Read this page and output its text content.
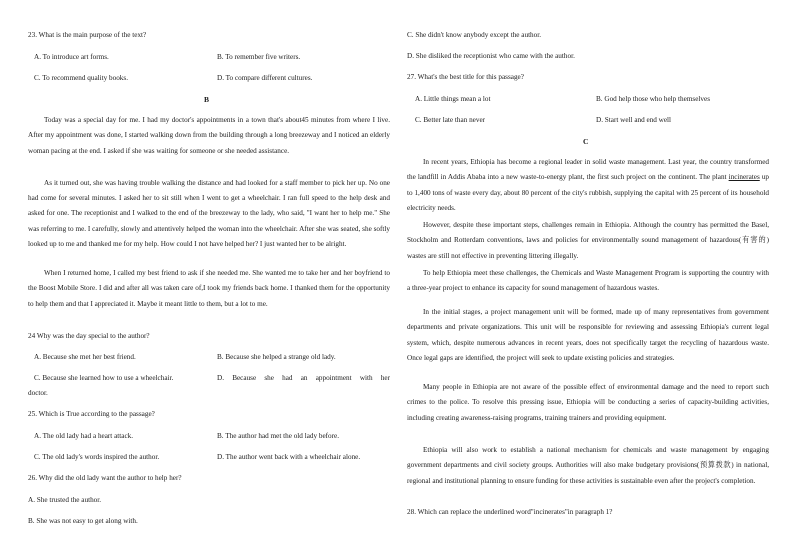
23. What is the main purpose of the text?
A. To introduce art forms.	B. To remember five writers.
C. To recommend quality books.	D. To compare different cultures.
B

Today was a special day for me. I had my doctor's appointments in a town that's about45 minutes from where I live. After my appointment was done, I started walking down from the building through a long breezeway and I noticed an elderly woman pacing at the end. I asked if she was waiting for someone or she needed assistance.

As it turned out, she was having trouble walking the distance and had looked for a staff member to pick her up. No one had come for several minutes. I asked her to sit still when I went to get a wheelchair. I ran full speed to the help desk and asked for one. The receptionist and I walked to the end of the breezeway to the lady, who said, "I want her to help me." She was referring to me. I carefully, slowly and attentively helped the woman into the wheelchair. After she was seated, she softly looked up to me and thanked me for my help. How could I not have helped her? I just wanted her to be alright.

When I returned home, I called my best friend to ask if she needed me. She wanted me to take her and her boyfriend to the Boost Mobile Store. I did and after all was taken care of,I took my friends back home. I thanked them for the opportunity to help them and that I appreciated it. Maybe it meant little to them, but a lot to me.

24 Why was the day special to the author?
A. Because she met her best friend.	B. Because she helped a strange old lady.
C. Because she learned how to use a wheelchair.	D. Because she had an appointment with her
doctor.
25. Which is True according to the passage?
A. The old lady had a heart attack.	B. The author had met the old lady before.
C. The old lady's words inspired the author.	D. The author went back with a wheelchair alone.
26. Why did the old lady want the author to help her?
A. She trusted the author.
B. She was not easy to get along with.
C. She didn't know anybody except the author.
D. She disliked the receptionist who came with the author.
27. What's the best title for this passage?
A. Little things mean a lot	B. God help those who help themselves
C. Better late than never	D. Start well and end well
C

In recent years, Ethiopia has become a regional leader in solid waste management. Last year, the country transformed the landfill in Addis Ababa into a new waste-to-energy plant, the first such project on the continent. The plant incinerates up to 1,400 tons of waste every day, about 80 percent of the city's rubbish, supplying the capital with 25 percent of its household electricity needs.

However, despite these important steps, challenges remain in Ethiopia. Although the country has permitted the Basel, Stockholm and Rotterdam conventions, laws and policies for environmentally sound management of hazardous(有害的) wastes are still not effective in preventing littering illegally.

To help Ethiopia meet these challenges, the Chemicals and Waste Management Program is supporting the country with a three-year project to enhance its capacity for sound management of hazardous wastes.

In the initial stages, a project management unit will be formed, made up of many representatives from government departments and private organizations. This unit will be responsible for reviewing and assessing Ethiopia's current legal system, which, despite numerous advances in recent years, does not specifically target the recycling of hazardous waste. Once legal gaps are identified, the project will seek to update existing policies and strategies.

Many people in Ethiopia are not aware of the possible effect of environmental damage and the need to report such crimes to the police. To resolve this pressing issue, Ethiopia will be conducting a series of capacity-building activities, including creating awareness-raising programs, training trainers and providing equipment.

Ethiopia will also work to establish a national mechanism for chemicals and waste management by engaging government departments and civil society groups. Authorities will also make budgetary provisions(预算拨款) in national, regional and institutional planning to ensure funding for these activities is sustainable even after the project's completion.

28. Which can replace the underlined word"incinerates"in paragraph 1?
